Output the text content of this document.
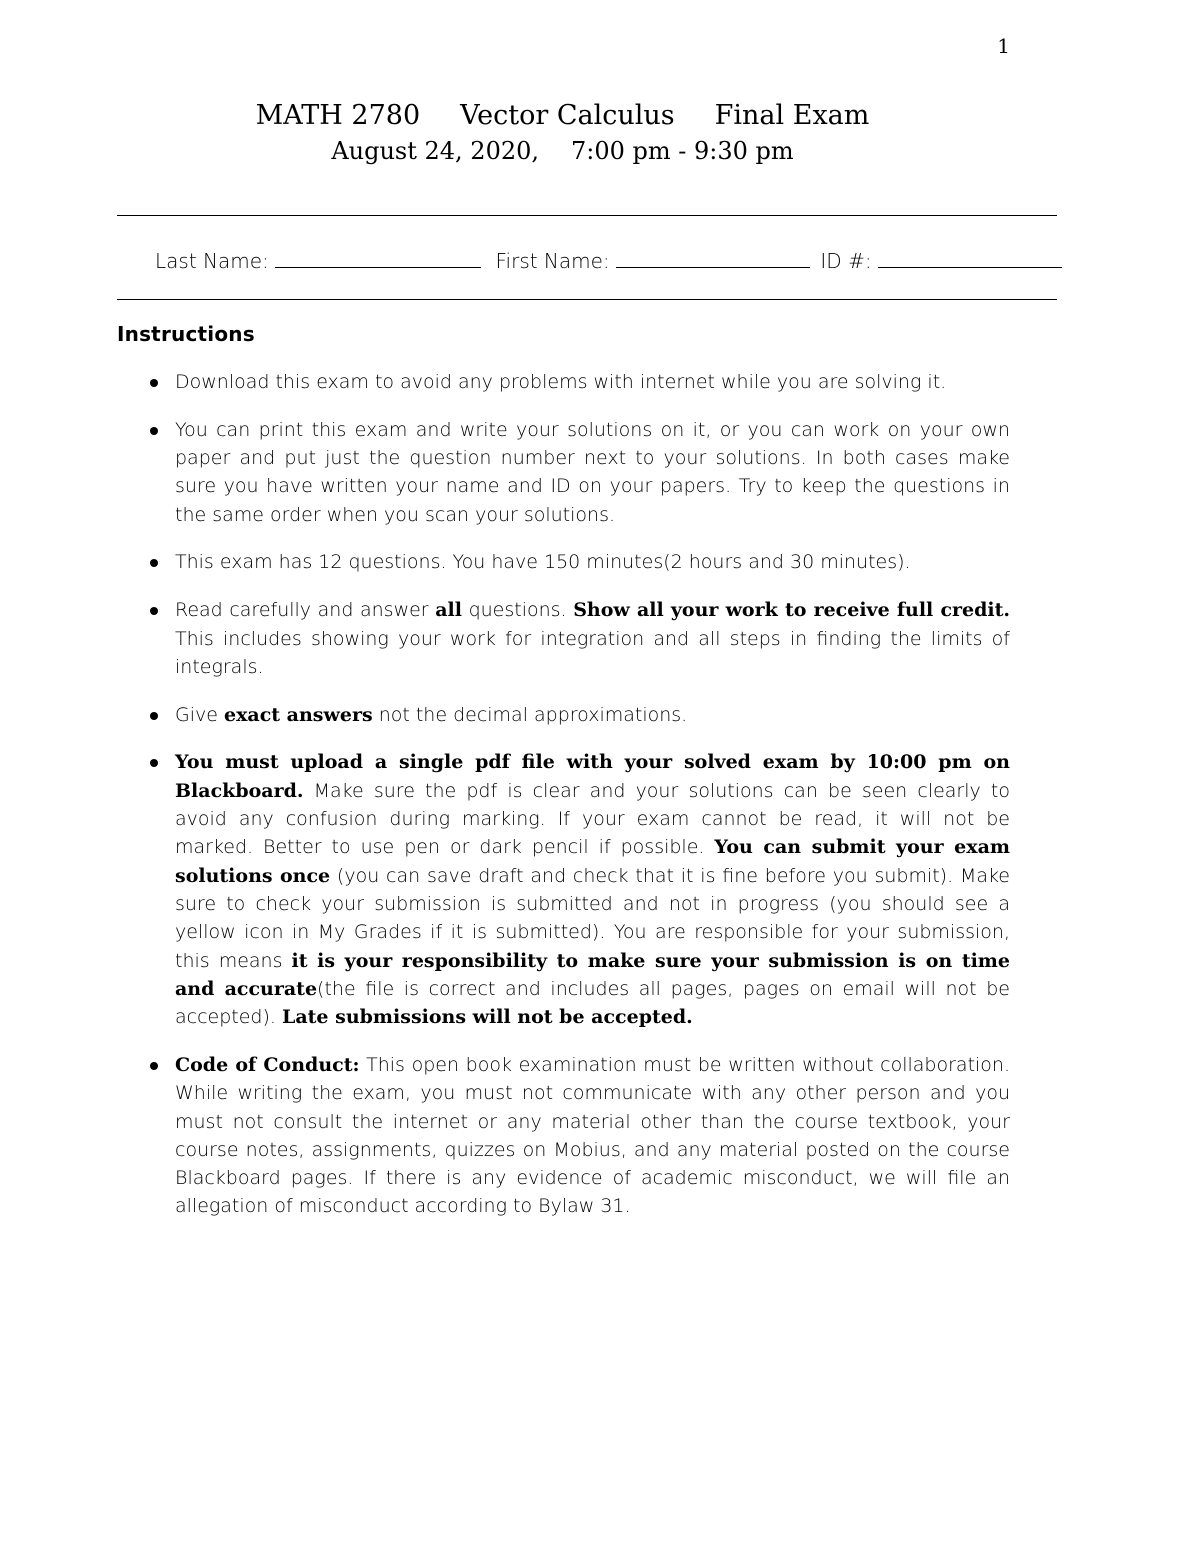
1
MATH 2780 Vector Calculus Final Exam
August 24, 2020, 7:00 pm - 9:30 pm
Last Name:	First Name:	ID #:
Instructions
Download this exam to avoid any problems with internet while you are solving it.
You can print this exam and write your solutions on it, or you can work on your own paper and put just the question number next to your solutions. In both cases make sure you have written your name and ID on your papers. Try to keep the questions in the same order when you scan your solutions.
This exam has 12 questions. You have 150 minutes(2 hours and 30 minutes).
Read carefully and answer all questions. Show all your work to receive full credit. This includes showing your work for integration and all steps in finding the limits of integrals.
Give exact answers not the decimal approximations.
You must upload a single pdf file with your solved exam by 10:00 pm on Blackboard. Make sure the pdf is clear and your solutions can be seen clearly to avoid any confusion during marking. If your exam cannot be read, it will not be marked. Better to use pen or dark pencil if possible. You can submit your exam solutions once (you can save draft and check that it is fine before you submit). Make sure to check your submission is submitted and not in progress (you should see a yellow icon in My Grades if it is submitted). You are responsible for your submission, this means it is your responsibility to make sure your submission is on time and accurate(the file is correct and includes all pages, pages on email will not be accepted). Late submissions will not be accepted.
Code of Conduct: This open book examination must be written without collaboration. While writing the exam, you must not communicate with any other person and you must not consult the internet or any material other than the course textbook, your course notes, assignments, quizzes on Mobius, and any material posted on the course Blackboard pages. If there is any evidence of academic misconduct, we will file an allegation of misconduct according to Bylaw 31.
